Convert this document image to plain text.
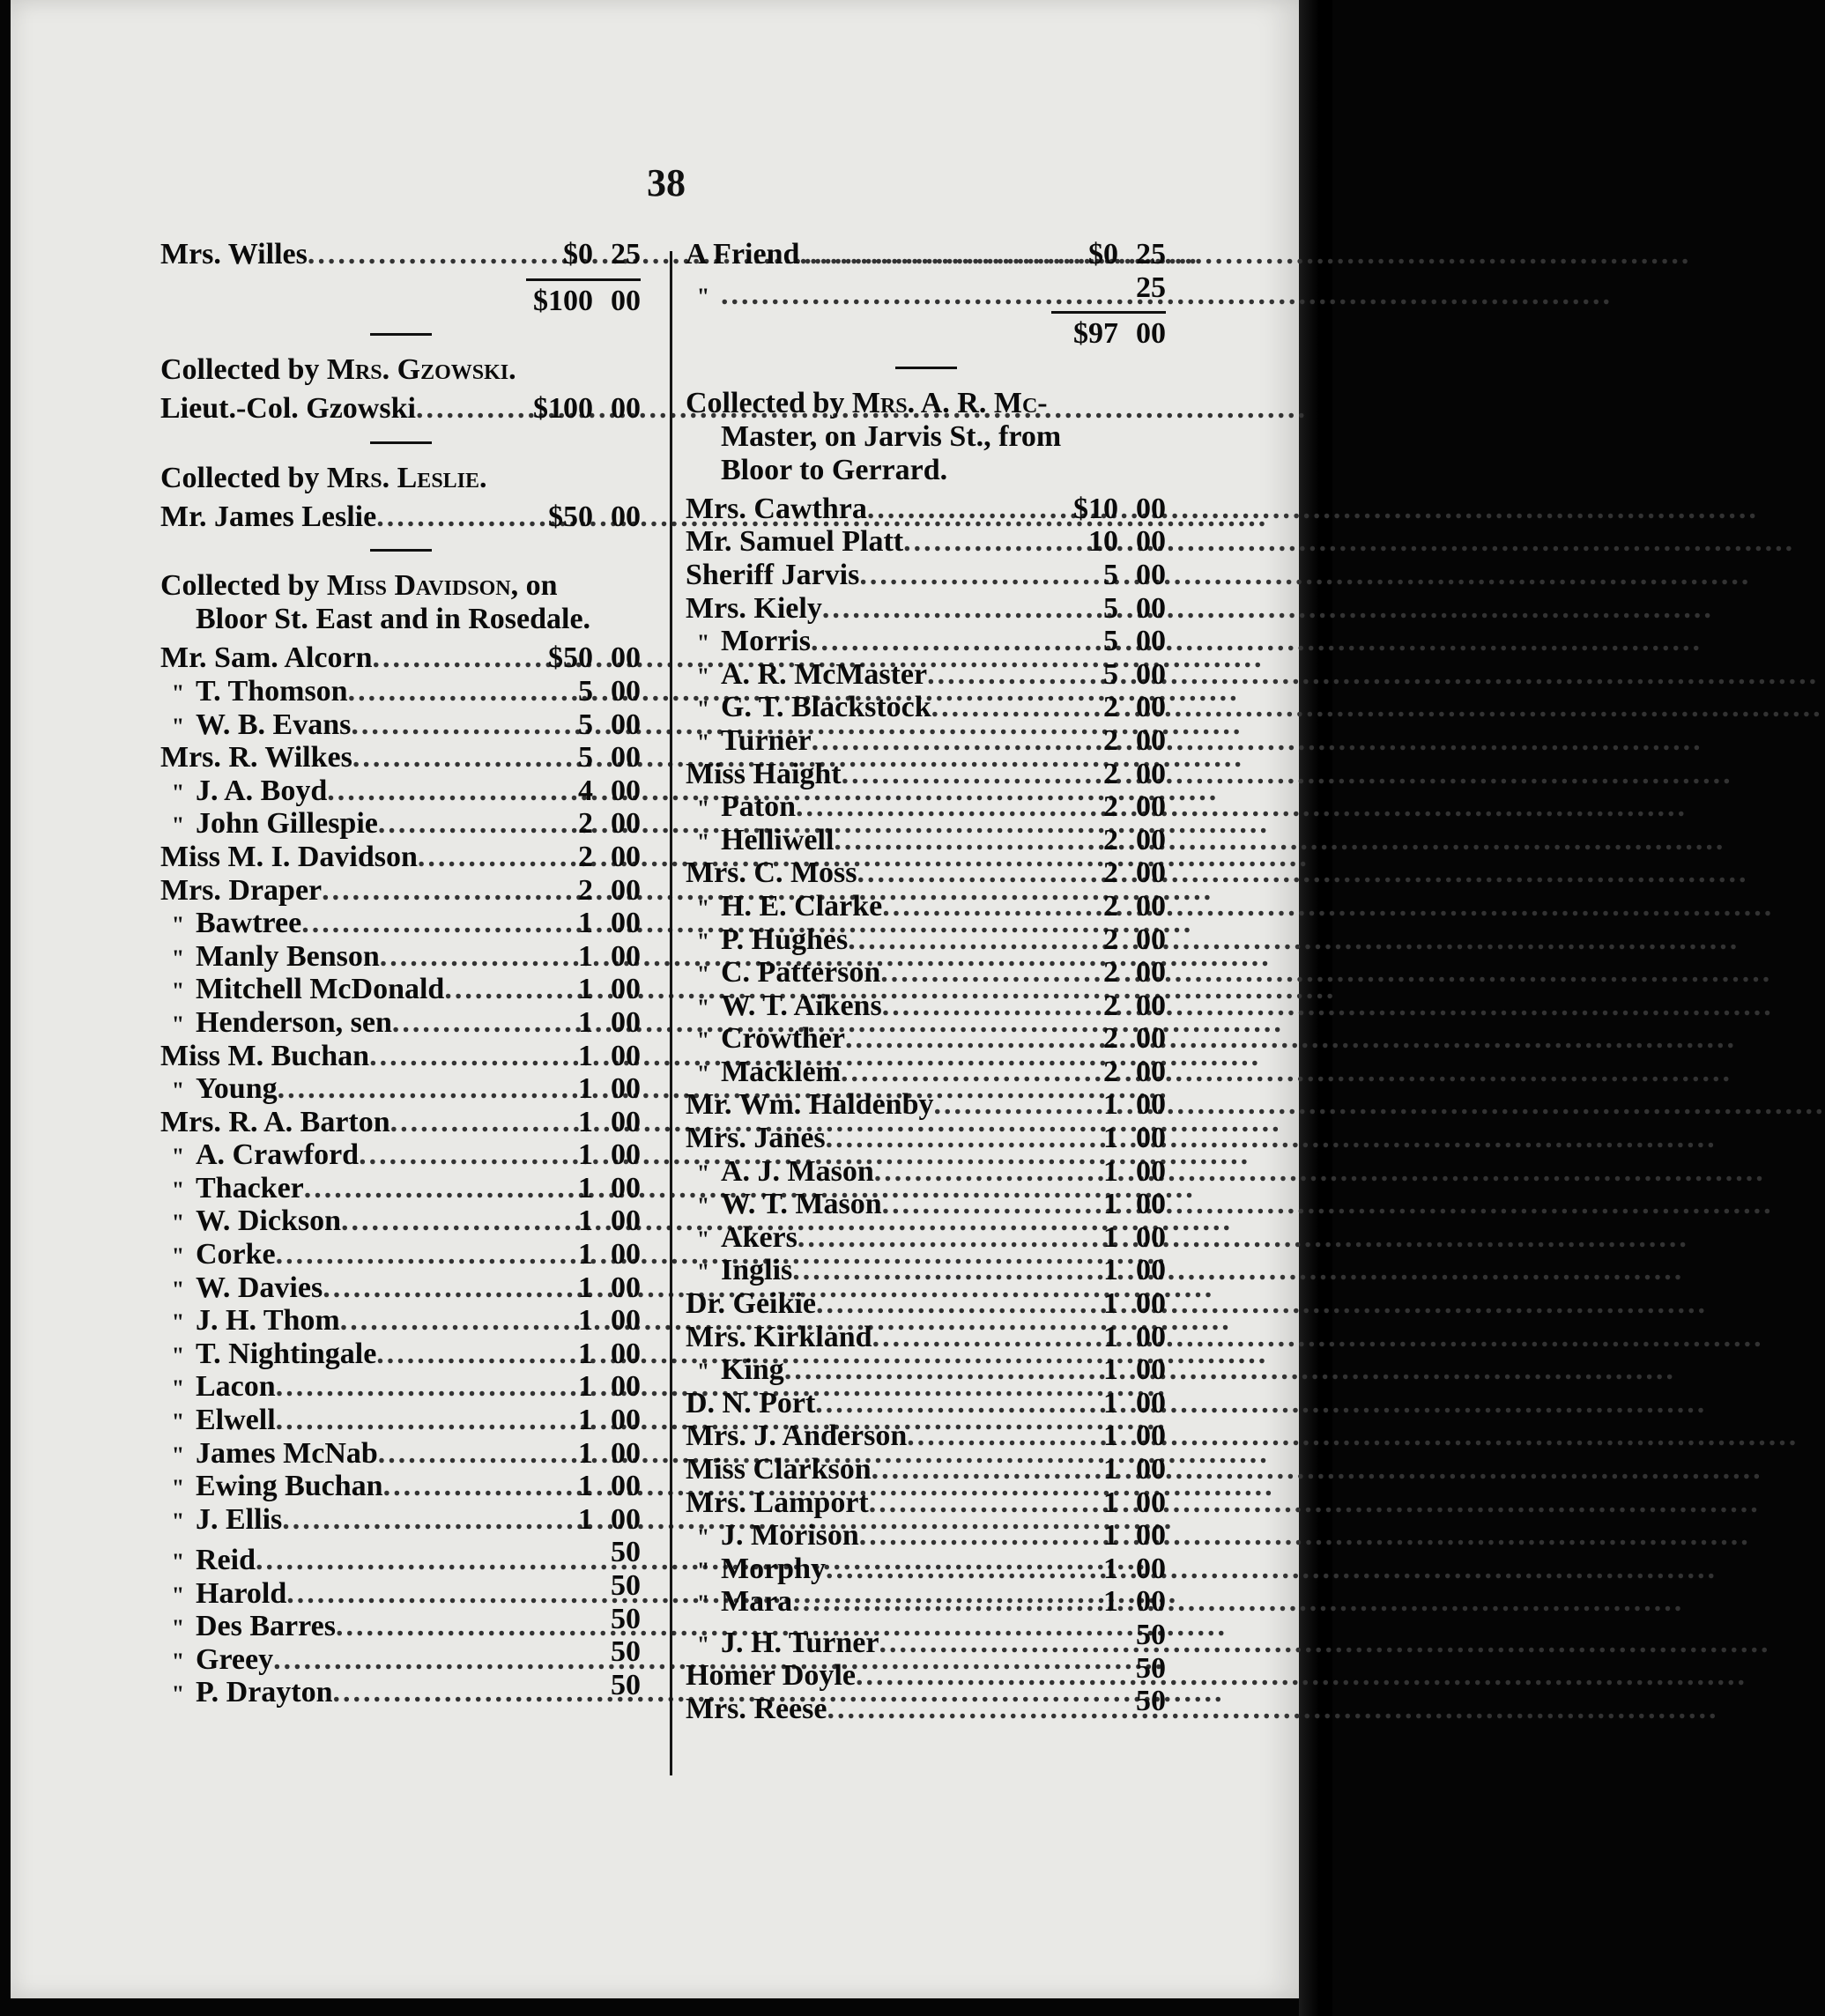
38
Mrs. Willes .....	$0 25
$100 00
Collected by Mrs. Gzowski.
Lieut.-Col. Gzowski .....	$100 00
Collected by Mrs. Leslie.
Mr. James Leslie .....	$50 00
Collected by Miss Davidson, on
Bloor St. East and in Rosedale.
Mr. Sam. Alcorn .....	$50 00
" T. Thomson .....	5 00
" W. B. Evans .....	5 00
Mrs. R. Wilkes .....	5 00
" J. A. Boyd .....	4 00
" John Gillespie .....	2 00
Miss M. I. Davidson .....	2 00
Mrs. Draper .....	2 00
" Bawtree .....	1 00
" Manly Benson .....	1 00
" Mitchell McDonald .....	1 00
" Henderson, sen .....	1 00
Miss M. Buchan .....	1 00
" Young .....	1 00
Mrs. R. A. Barton .....	1 00
" A. Crawford .....	1 00
" Thacker .....	1 00
" W. Dickson .....	1 00
" Corke .....	1 00
" W. Davies .....	1 00
" J. H. Thom .....	1 00
" T. Nightingale .....	1 00
" Lacon .....	1 00
" Elwell .....	1 00
" James McNab .....	1 00
" Ewing Buchan .....	1 00
" J. Ellis .....	1 00
" Reid .....	50
" Harold .....	50
" Des Barres .....	50
" Greey .....	50
" P. Drayton .....	50
A Friend .....	$0 25
" .....	25
$97 00
Collected by Mrs. A. R. Mc-
Master, on Jarvis St., from
Bloor to Gerrard.
Mrs. Cawthra .....	$10 00
Mr. Samuel Platt .....	10 00
Sheriff Jarvis .....	5 00
Mrs. Kiely .....	5 00
" Morris .....	5 00
" A. R. McMaster .....	5 00
" G. T. Blackstock .....	2 00
" Turner .....	2 00
Miss Haight .....	2 00
" Paton .....	2 00
" Helliwell .....	2 00
Mrs. C. Moss .....	2 00
" H. E. Clarke .....	2 00
" P. Hughes .....	2 00
" C. Patterson .....	2 00
" W. T. Aikens .....	2 00
" Crowther .....	2 00
" Macklem .....	2 00
Mr. Wm. Haldenby .....	1 00
Mrs. Janes .....	1 00
" A. J. Mason .....	1 00
" W. T. Mason .....	1 00
" Akers .....	1 00
" Inglis .....	1 00
Dr. Geikie .....	1 00
Mrs. Kirkland .....	1 00
" King .....	1 00
D. N. Port .....	1 00
Mrs. J. Anderson .....	1 00
Miss Clarkson .....	1 00
Mrs. Lamport .....	1 00
" J. Morison .....	1 00
" Morphy .....	1 00
" Mara .....	1 00
" J. H. Turner .....	50
Homer Doyle .....	50
Mrs. Reese .....	50
